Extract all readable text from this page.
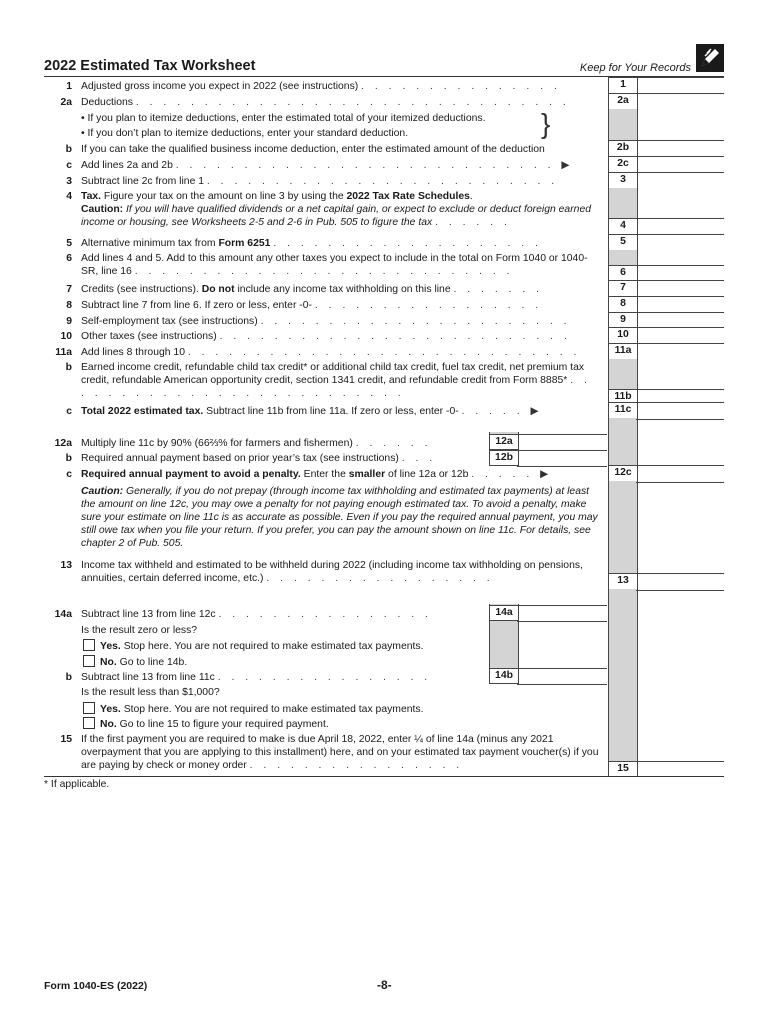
2022 Estimated Tax Worksheet	Keep for Your Records
1 Adjusted gross income you expect in 2022 (see instructions) . . . . . . . . . . . . . . .	1
2a Deductions . . . . . . . . . . . . . . . . . . . . . . . . . . . . . . . .	2a
• If you plan to itemize deductions, enter the estimated total of your itemized deductions.
• If you don’t plan to itemize deductions, enter your standard deduction.	}
b If you can take the qualified business income deduction, enter the estimated amount of the deduction	2b
c Add lines 2a and 2b . . . . . . . . . . . . . . . . . . . . . . . . . . . . ▶	2c
3 Subtract line 2c from line 1 . . . . . . . . . . . . . . . . . . . . . . . . . .	3
4 Tax. Figure your tax on the amount on line 3 by using the 2022 Tax Rate Schedules.
Caution: If you will have qualified dividends or a net capital gain, or expect to exclude or deduct foreign earned income or housing, see Worksheets 2-5 and 2-6 in Pub. 505 to figure the tax . . . . . .	4
5 Alternative minimum tax from Form 6251 . . . . . . . . . . . . . . . . . . . .	5
6 Add lines 4 and 5. Add to this amount any other taxes you expect to include in the total on Form 1040 or 1040-SR, line 16 . . . . . . . . . . . . . . . . . . . . . . . . . . . .	6
7 Credits (see instructions). Do not include any income tax withholding on this line . . . . . . .	7
8 Subtract line 7 from line 6. If zero or less, enter -0- . . . . . . . . . . . . . . . . .	8
9 Self-employment tax (see instructions) . . . . . . . . . . . . . . . . . . . . . . .	9
10 Other taxes (see instructions) . . . . . . . . . . . . . . . . . . . . . . . . . .	10
11a Add lines 8 through 10 . . . . . . . . . . . . . . . . . . . . . . . . . . . . .	11a
b Earned income credit, refundable child tax credit* or additional child tax credit, fuel tax credit, net premium tax credit, refundable American opportunity credit, section 1341 credit, and refundable credit from Form 8885* . . . . . . . . . . . . . . . . . . . . . . . . . .	11b
c Total 2022 estimated tax. Subtract line 11b from line 11a. If zero or less, enter -0- . . . . . ▶	11c
12a Multiply line 11c by 90% (66⅔% for farmers and fishermen) . . . . . .	12a
b Required annual payment based on prior year’s tax (see instructions) . . .	12b
c Required annual payment to avoid a penalty. Enter the smaller of line 12a or 12b . . . . . ▶	12c
Caution: Generally, if you do not prepay (through income tax withholding and estimated tax payments) at least the amount on line 12c, you may owe a penalty for not paying enough estimated tax. To avoid a penalty, make sure your estimate on line 11c is as accurate as possible. Even if you pay the required annual payment, you may still owe tax when you file your return. If you prefer, you can pay the amount shown on line 11c. For details, see chapter 2 of Pub. 505.
13 Income tax withheld and estimated to be withheld during 2022 (including income tax withholding on pensions, annuities, certain deferred income, etc.) . . . . . . . . . . . . . . . . .	13
14a Subtract line 13 from line 12c . . . . . . . . . . . . . . . .	14a
Is the result zero or less?
Yes. Stop here. You are not required to make estimated tax payments.
No. Go to line 14b.
b Subtract line 13 from line 11c . . . . . . . . . . . . . . . .	14b
Is the result less than $1,000?
Yes. Stop here. You are not required to make estimated tax payments.
No. Go to line 15 to figure your required payment.
15 If the first payment you are required to make is due April 18, 2022, enter ¼ of line 14a (minus any 2021 overpayment that you are applying to this installment) here, and on your estimated tax payment voucher(s) if you are paying by check or money order . . . . . . . . . . . . . . . .	15
* If applicable.
Form 1040-ES (2022)	-8-
